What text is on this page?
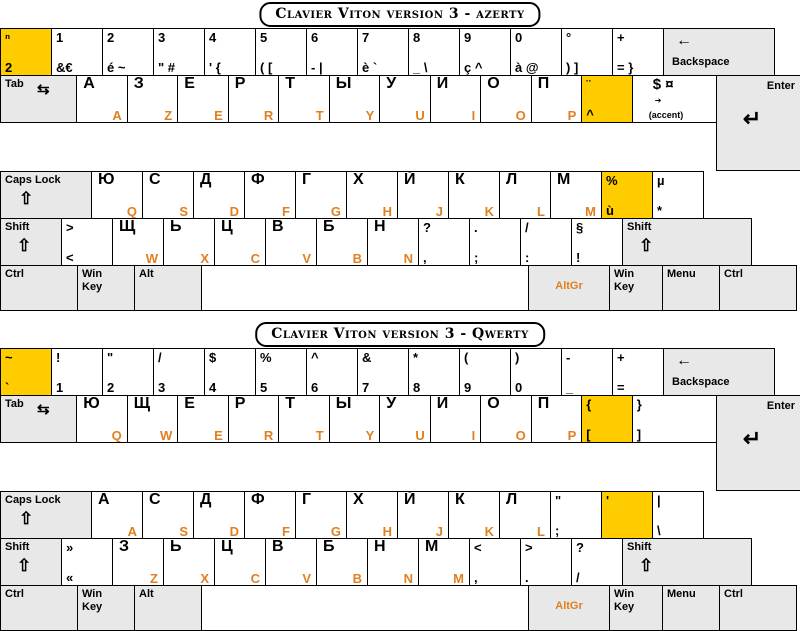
Clavier Viton version 3 - azerty
ⁿ
2
1
&€
2
é ~
3
" #
4
' {
5
( [
6
- |
7
è `
8
_ \
9
ç ^
0
à @
°
) ]
+
= }	Backspace
←
Tab ⇆ A
A
З
Z
Е
E
Р
R
Т
T
Ы
Y
У
U
И
I
О
O
П
P
¨
^
$ ¤
(accent)
➔
Enter
↵
Caps Lock
⇧
Ю
Q
С
S
Д
D
Ф
F
Г
G
Х
H
Й
J
К
K
Л
L
М
M
%
ù
µ
*
Shift
⇧
>
<
Щ
W
Ь
X
Ц
C
В
V
Б
B
Н
N
?
,
.
;
/
:
§
!
Shift
⇧
Ctrl	Win
Key
Alt
AltGr
Win
Key
Menu	Ctrl
Clavier Viton version 3 - Qwerty
~
`
!
1
"
2
/
3
$
4
%
5
^
6
&
7
*
8
(
9
)
0
-
_
+
=	Backspace
←
Tab ⇆ Ю
Q
Щ
W
Е
E
Р
R
Т
T
Ы
Y
У
U
И
I
О
O
П
P
{
[
}
]
Enter
↵
Caps Lock
⇧
А
A
С
S
Д
D
Ф
F
Г
G
Х
H
Й
J
К
K
Л
L
"
;
'	|
\
Shift
⇧
»
«
З
Z
Ь
X
Ц
C
В
V
Б
B
Н
N
М
M
<
,
>
.
?
/
Shift
⇧
Ctrl	Win
Key
Alt
AltGr
Win
Key
Menu	Ctrl
